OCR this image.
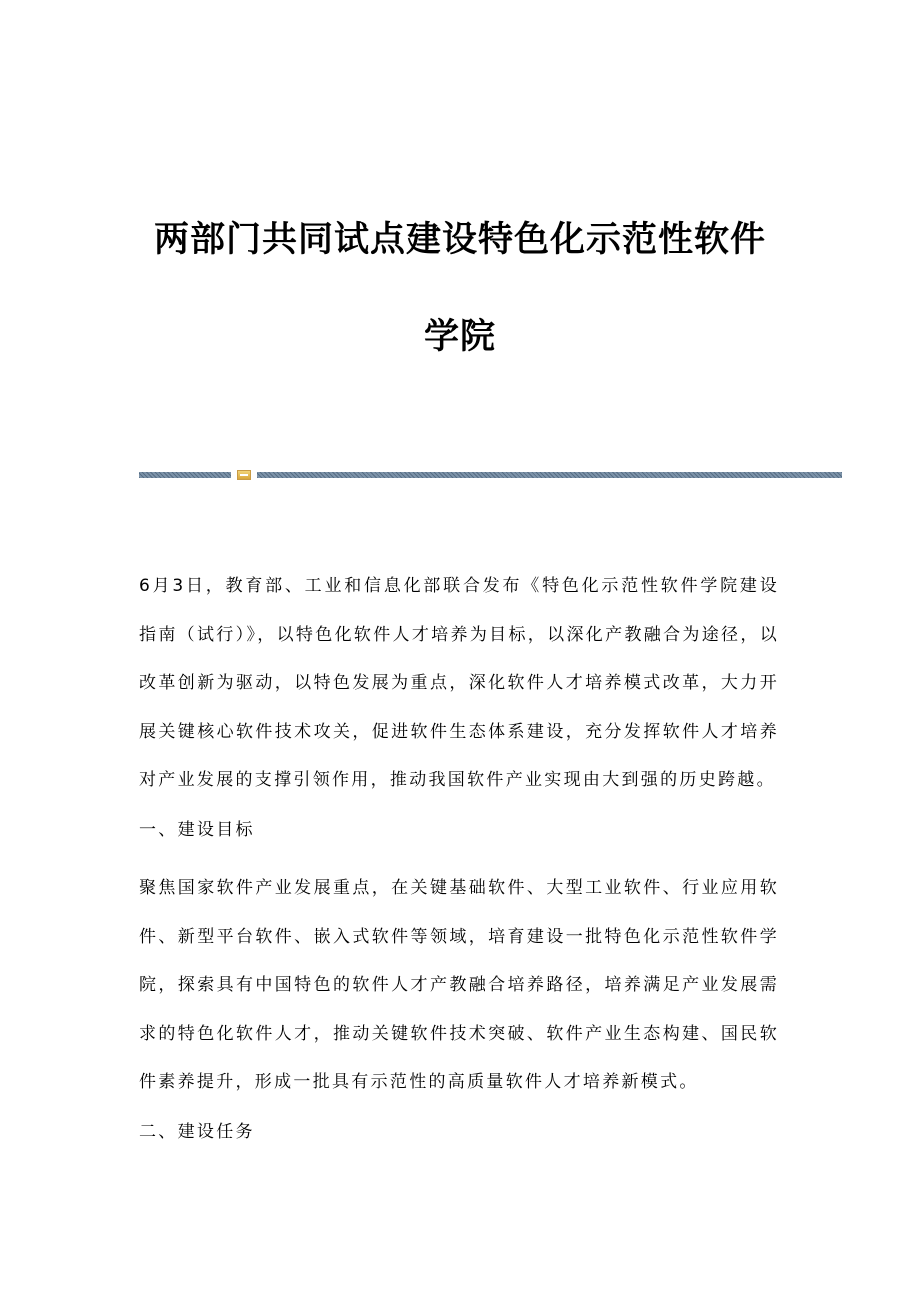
两部门共同试点建设特色化示范性软件
学院

6月3日，教育部、工业和信息化部联合发布《特色化示范性软件学院建设指南（试行）》，以特色化软件人才培养为目标，以深化产教融合为途径，以改革创新为驱动，以特色发展为重点，深化软件人才培养模式改革，大力开展关键核心软件技术攻关，促进软件生态体系建设，充分发挥软件人才培养对产业发展的支撑引领作用，推动我国软件产业实现由大到强的历史跨越。

一、建设目标

聚焦国家软件产业发展重点，在关键基础软件、大型工业软件、行业应用软件、新型平台软件、嵌入式软件等领域，培育建设一批特色化示范性软件学院，探索具有中国特色的软件人才产教融合培养路径，培养满足产业发展需求的特色化软件人才，推动关键软件技术突破、软件产业生态构建、国民软件素养提升，形成一批具有示范性的高质量软件人才培养新模式。

二、建设任务
